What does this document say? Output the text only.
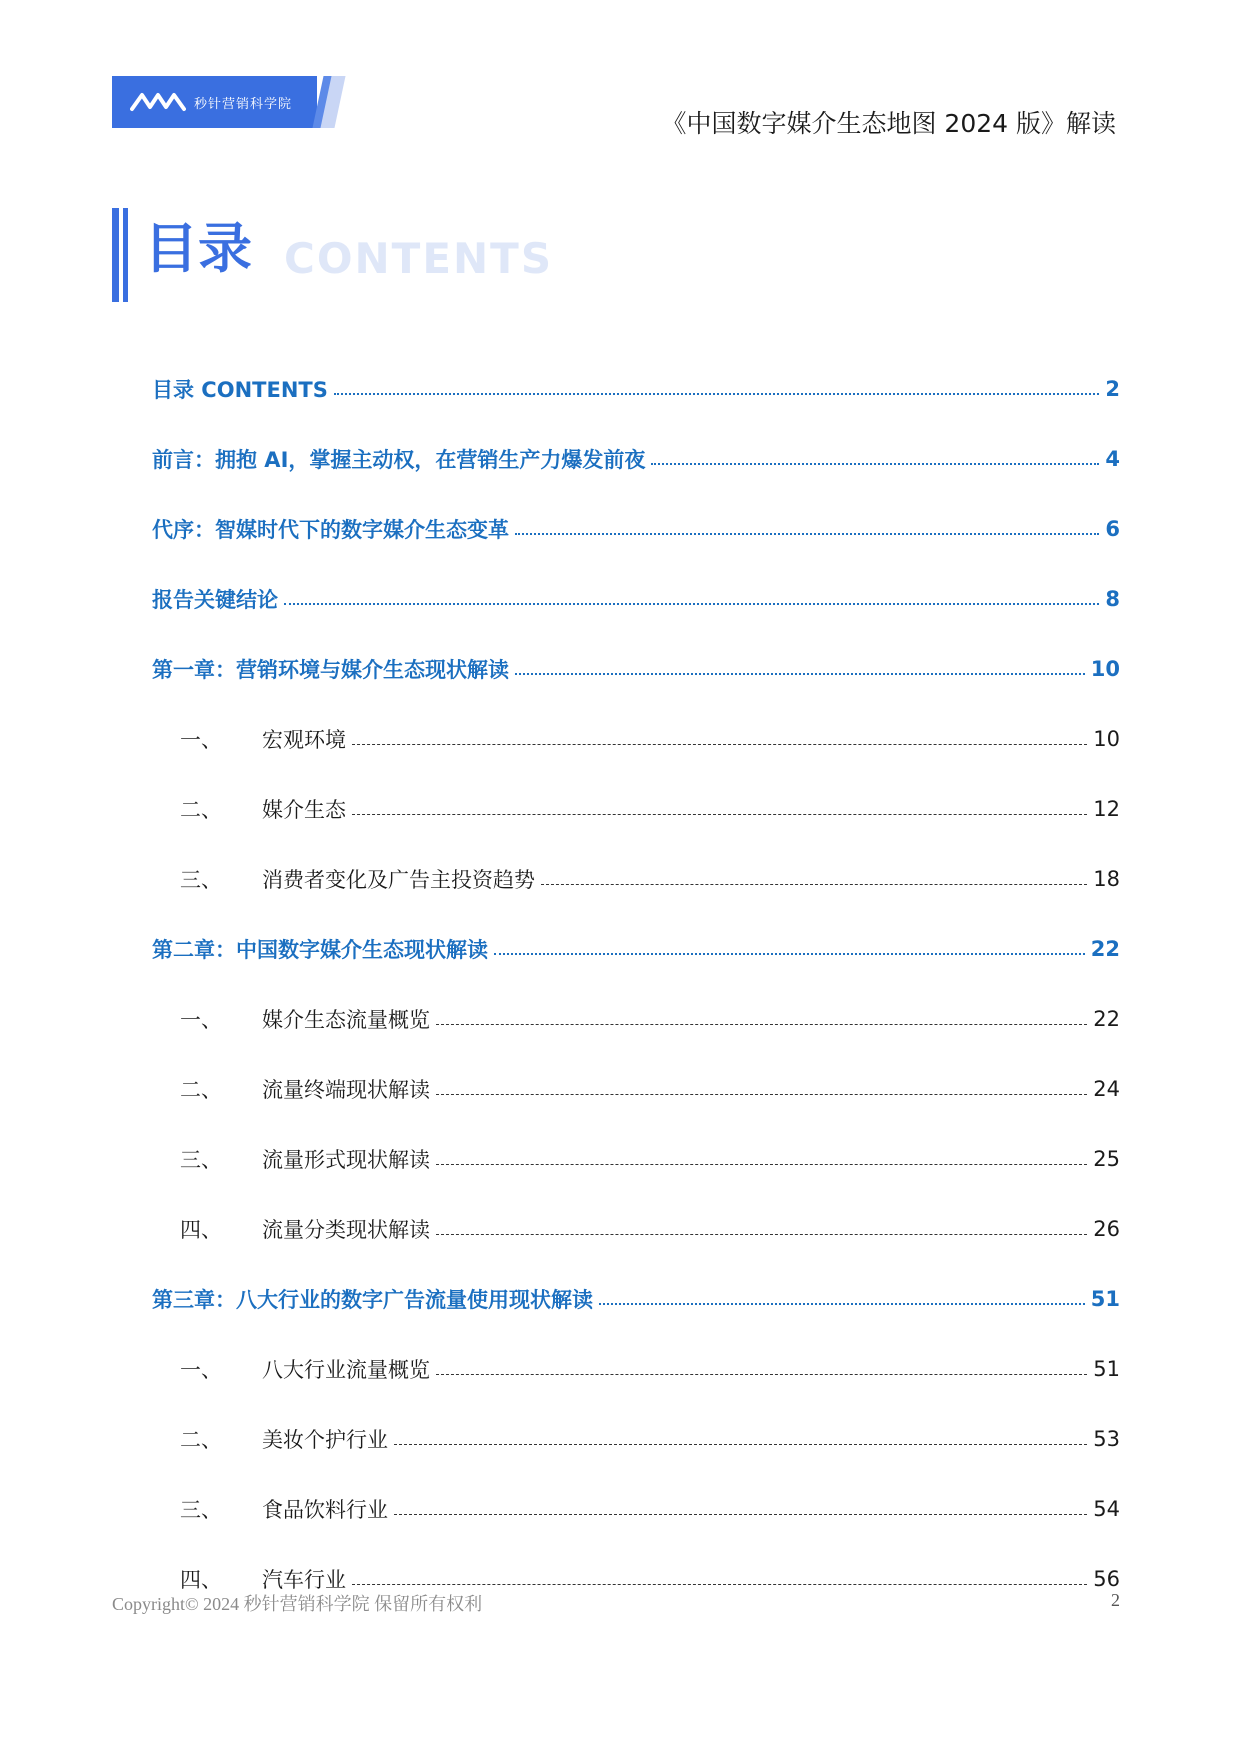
秒针营销科学院
《中国数字媒介生态地图 2024 版》解读
目录 CONTENTS
目录 CONTENTS	2
前言：拥抱 AI，掌握主动权，在营销生产力爆发前夜	4
代序：智媒时代下的数字媒介生态变革	6
报告关键结论	8
第一章：营销环境与媒介生态现状解读	10
一、	宏观环境	10
二、	媒介生态	12
三、	消费者变化及广告主投资趋势	18
第二章：中国数字媒介生态现状解读	22
一、	媒介生态流量概览	22
二、	流量终端现状解读	24
三、	流量形式现状解读	25
四、	流量分类现状解读	26
第三章：八大行业的数字广告流量使用现状解读	51
一、	八大行业流量概览	51
二、	美妆个护行业	53
三、	食品饮料行业	54
四、	汽车行业	56
Copyright© 2024 秒针营销科学院 保留所有权利	2
